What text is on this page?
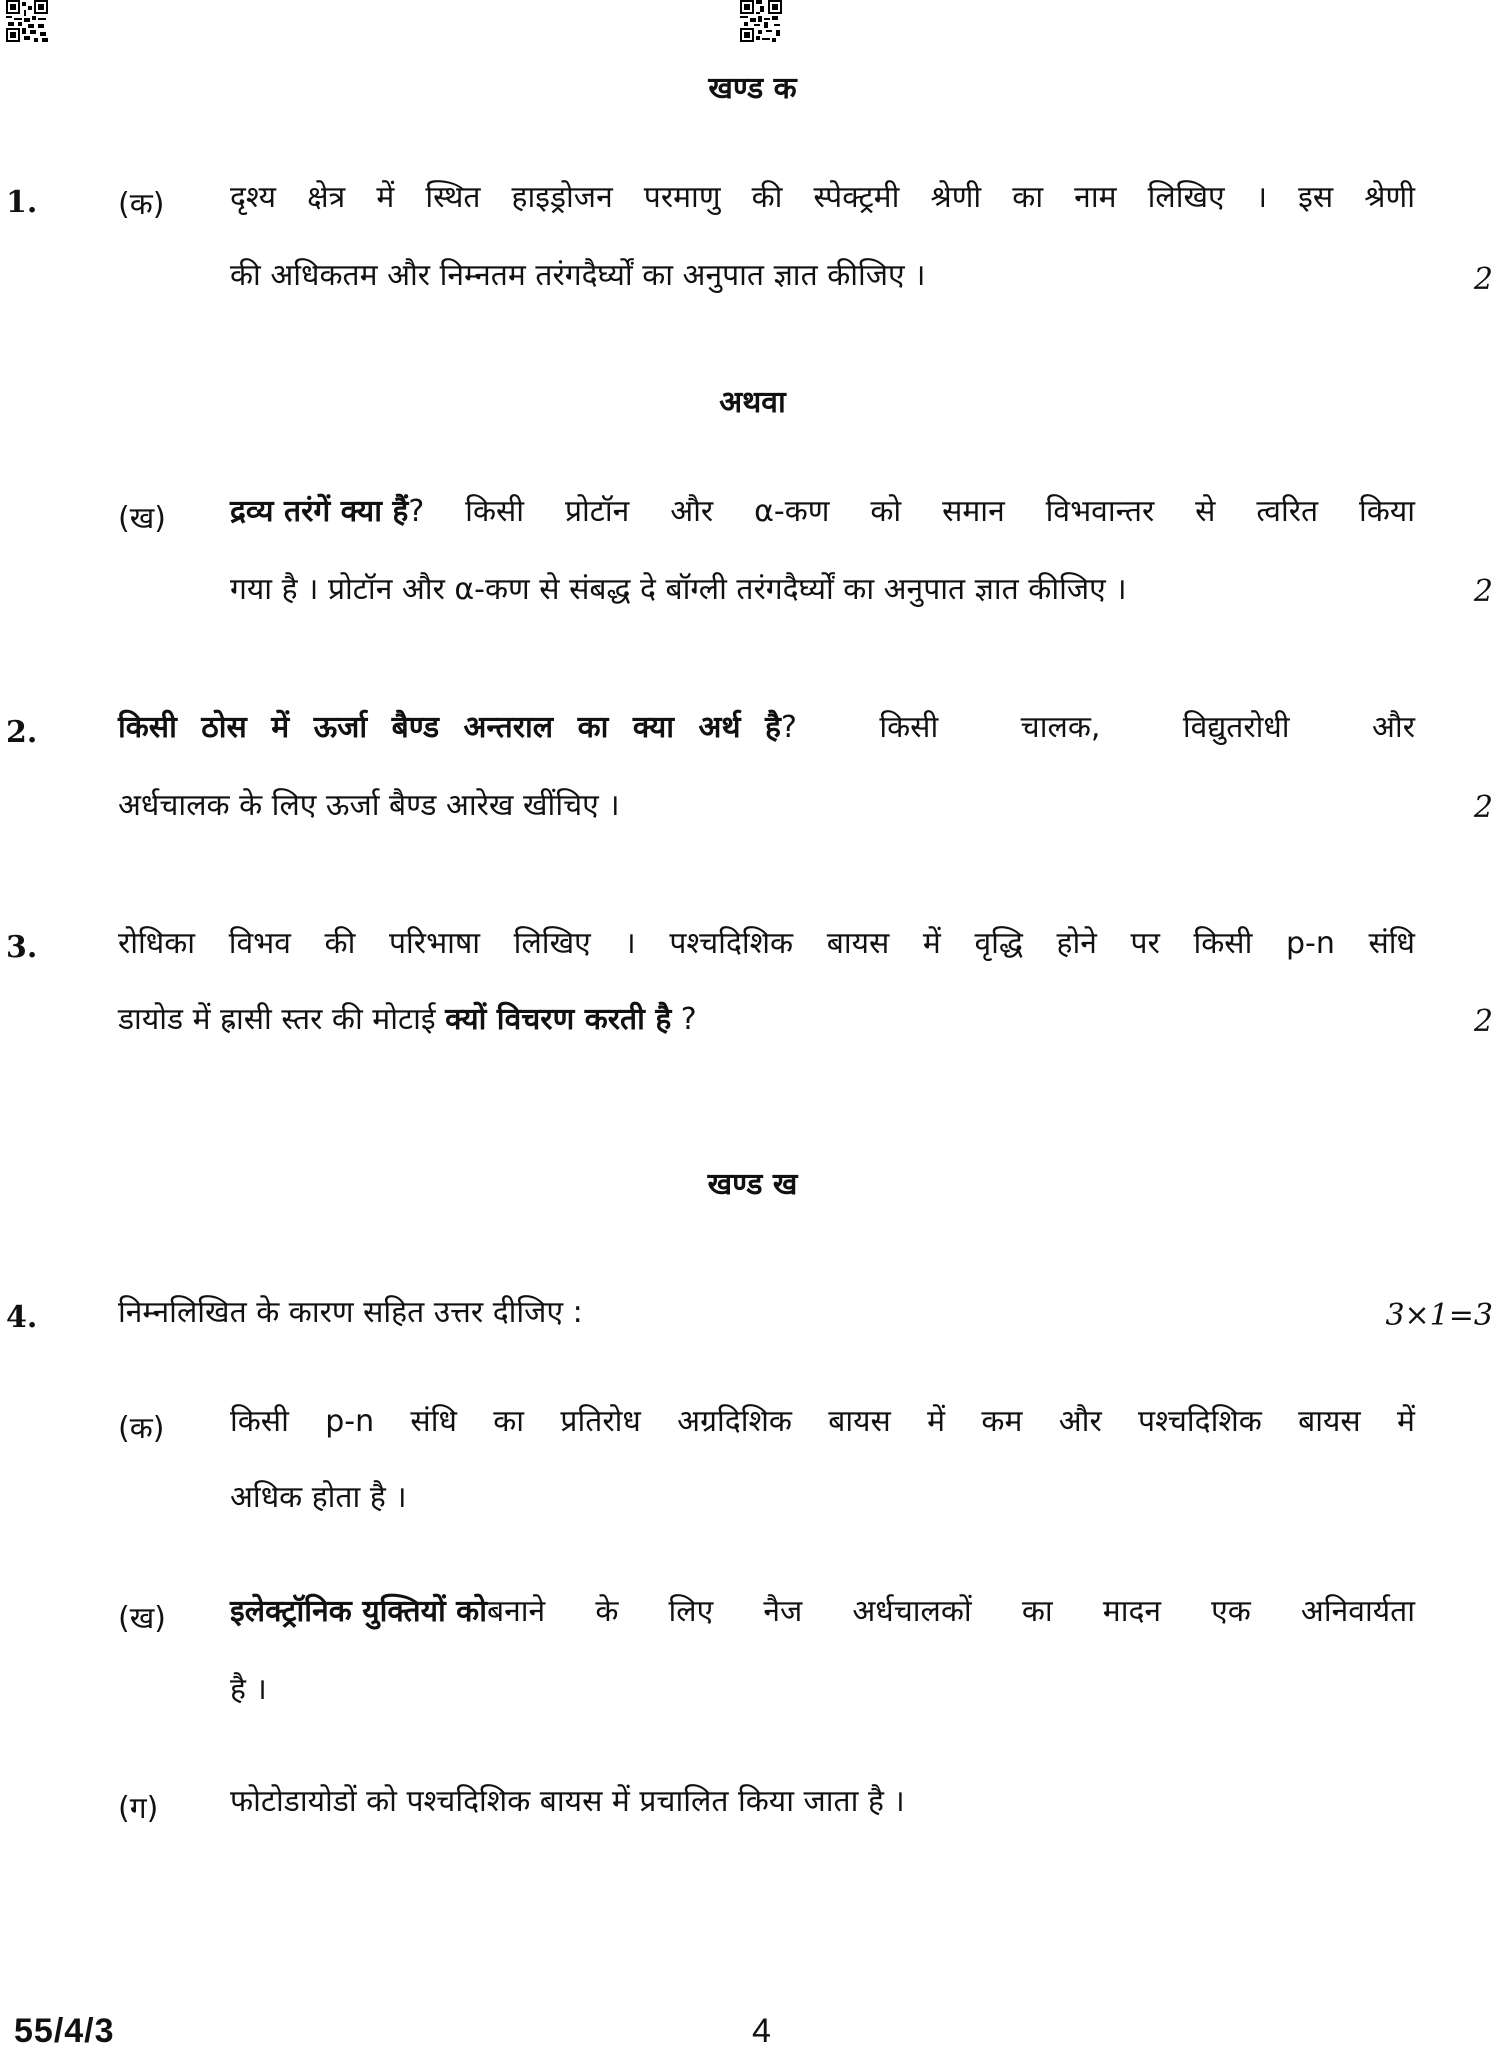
खण्ड क
1.	(क) दृश्य क्षेत्र में स्थित हाइड्रोजन परमाणु की स्पेक्ट्रमी श्रेणी का नाम लिखिए । इस श्रेणी
की अधिकतम और निम्नतम तरंगदैर्घ्यों का अनुपात ज्ञात कीजिए ।	2
अथवा
(ख) द्रव्य तरंगें क्या हैं ? किसी प्रोटॉन और α-कण को समान विभवान्तर से त्वरित किया
गया है । प्रोटॉन और α-कण से संबद्ध दे बॉग्ली तरंगदैर्घ्यों का अनुपात ज्ञात कीजिए ।	2
2.	किसी ठोस में ऊर्जा बैण्ड अन्तराल का क्या अर्थ है ? किसी चालक, विद्युतरोधी और
अर्धचालक के लिए ऊर्जा बैण्ड आरेख खींचिए ।	2
3.	रोधिका विभव की परिभाषा लिखिए । पश्चदिशिक बायस में वृद्धि होने पर किसी p-n संधि
डायोड में ह्रासी स्तर की मोटाई क्यों विचरण करती है ?	2
खण्ड ख
4.	निम्नलिखित के कारण सहित उत्तर दीजिए :	3×1=3
(क) किसी p-n संधि का प्रतिरोध अग्रदिशिक बायस में कम और पश्चदिशिक बायस में
अधिक होता है ।
(ख) इलेक्ट्रॉनिक युक्तियों को बनाने के लिए नैज अर्धचालकों का मादन एक अनिवार्यता
है ।
(ग) फोटोडायोडों को पश्चदिशिक बायस में प्रचालित किया जाता है ।
55/4/3	4
